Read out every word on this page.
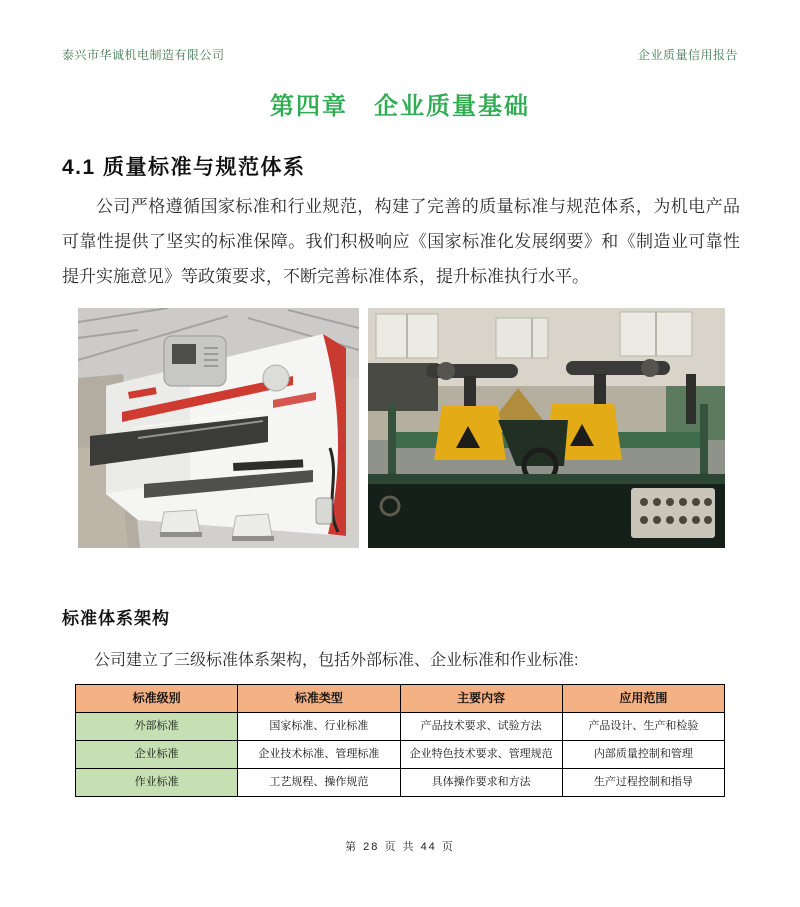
泰兴市华诚机电制造有限公司	企业质量信用报告
第四章　企业质量基础
4.1 质量标准与规范体系
公司严格遵循国家标准和行业规范，构建了完善的质量标准与规范体系，为机电产品可靠性提供了坚实的标准保障。我们积极响应《国家标准化发展纲要》和《制造业可靠性提升实施意见》等政策要求，不断完善标准体系，提升标准执行水平。
标准体系架构
公司建立了三级标准体系架构，包括外部标准、企业标准和作业标准:
标准级别	标准类型	主要内容	应用范围
外部标准	国家标准、行业标准	产品技术要求、试验方法	产品设计、生产和检验
企业标准	企业技术标准、管理标准	企业特色技术要求、管理规范	内部质量控制和管理
作业标准	工艺规程、操作规范	具体操作要求和方法	生产过程控制和指导
第 28 页 共 44 页
